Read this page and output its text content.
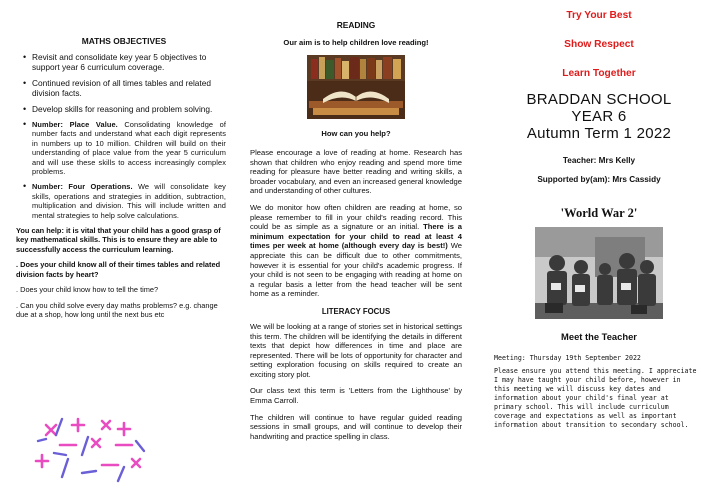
MATHS OBJECTIVES
• Revisit and consolidate key year 5 objectives to support year 6 curriculum coverage.
• Continued revision of all times tables and related division facts.
• Develop skills for reasoning and problem solving.
• Number: Place Value. Consolidating knowledge of number facts and understand what each digit represents in numbers up to 10 million. Children will build on their understanding of place value from the year 5 curriculum and will use these skills to access increasingly complex problems.
• Number: Four Operations. We will consolidate key skills, operations and strategies in addition, subtraction, multiplication and division. This will include written and mental strategies to help solve calculations.
You can help: it is vital that your child has a good grasp of key mathematical skills. This is to ensure they are able to successfully access the curriculum learning.
. Does your child know all of their times tables and related division facts by heart?
. Does your child know how to tell the time?
. Can you child solve every day maths problems? e.g. change due at a shop, how long until the next bus etc
READING
Our aim is to help children love reading!
How can you help?

Please encourage a love of reading at home. Research has shown that children who enjoy reading and spend more time reading for pleasure have better reading and writing skills, a broader vocabulary, and even an increased general knowledge and understanding of other cultures.

We do monitor how often children are reading at home, so please remember to fill in your child's reading record. This could be as simple as a signature or an initial. There is a minimum expectation for your child to read at least 4 times per week at home (although every day is best!) We appreciate this can be difficult due to other commitments, however it is essential for your child's academic progress. If your child is not seen to be engaging with reading at home on a regular basis a letter from the head teacher will be sent home as a reminder.

LITERACY FOCUS

We will be looking at a range of stories set in historical settings this term. The children will be identifying the details in different texts that depict how differences in time and place are represented. There will be lots of opportunity for character and setting exploration focusing on skills required to create an exciting story plot.

Our class text this term is 'Letters from the Lighthouse' by Emma Carroll.

The children will continue to have regular guided reading sessions in small groups, and will continue to develop their handwriting and practice spelling in class.

Try Your Best

Show Respect

Learn Together

BRADDAN SCHOOL

YEAR 6

Autumn Term 1 2022

Teacher: Mrs Kelly

Supported by(am): Mrs Cassidy

'World War 2'

Meet the Teacher

Meeting: Thursday 19th September 2022

Please ensure you attend this meeting. I appreciate I may have taught your child before, however in this meeting we will discuss key dates and information about your child's final year at primary school. This will include curriculum coverage and expectations as well as important information about transition to secondary school.
